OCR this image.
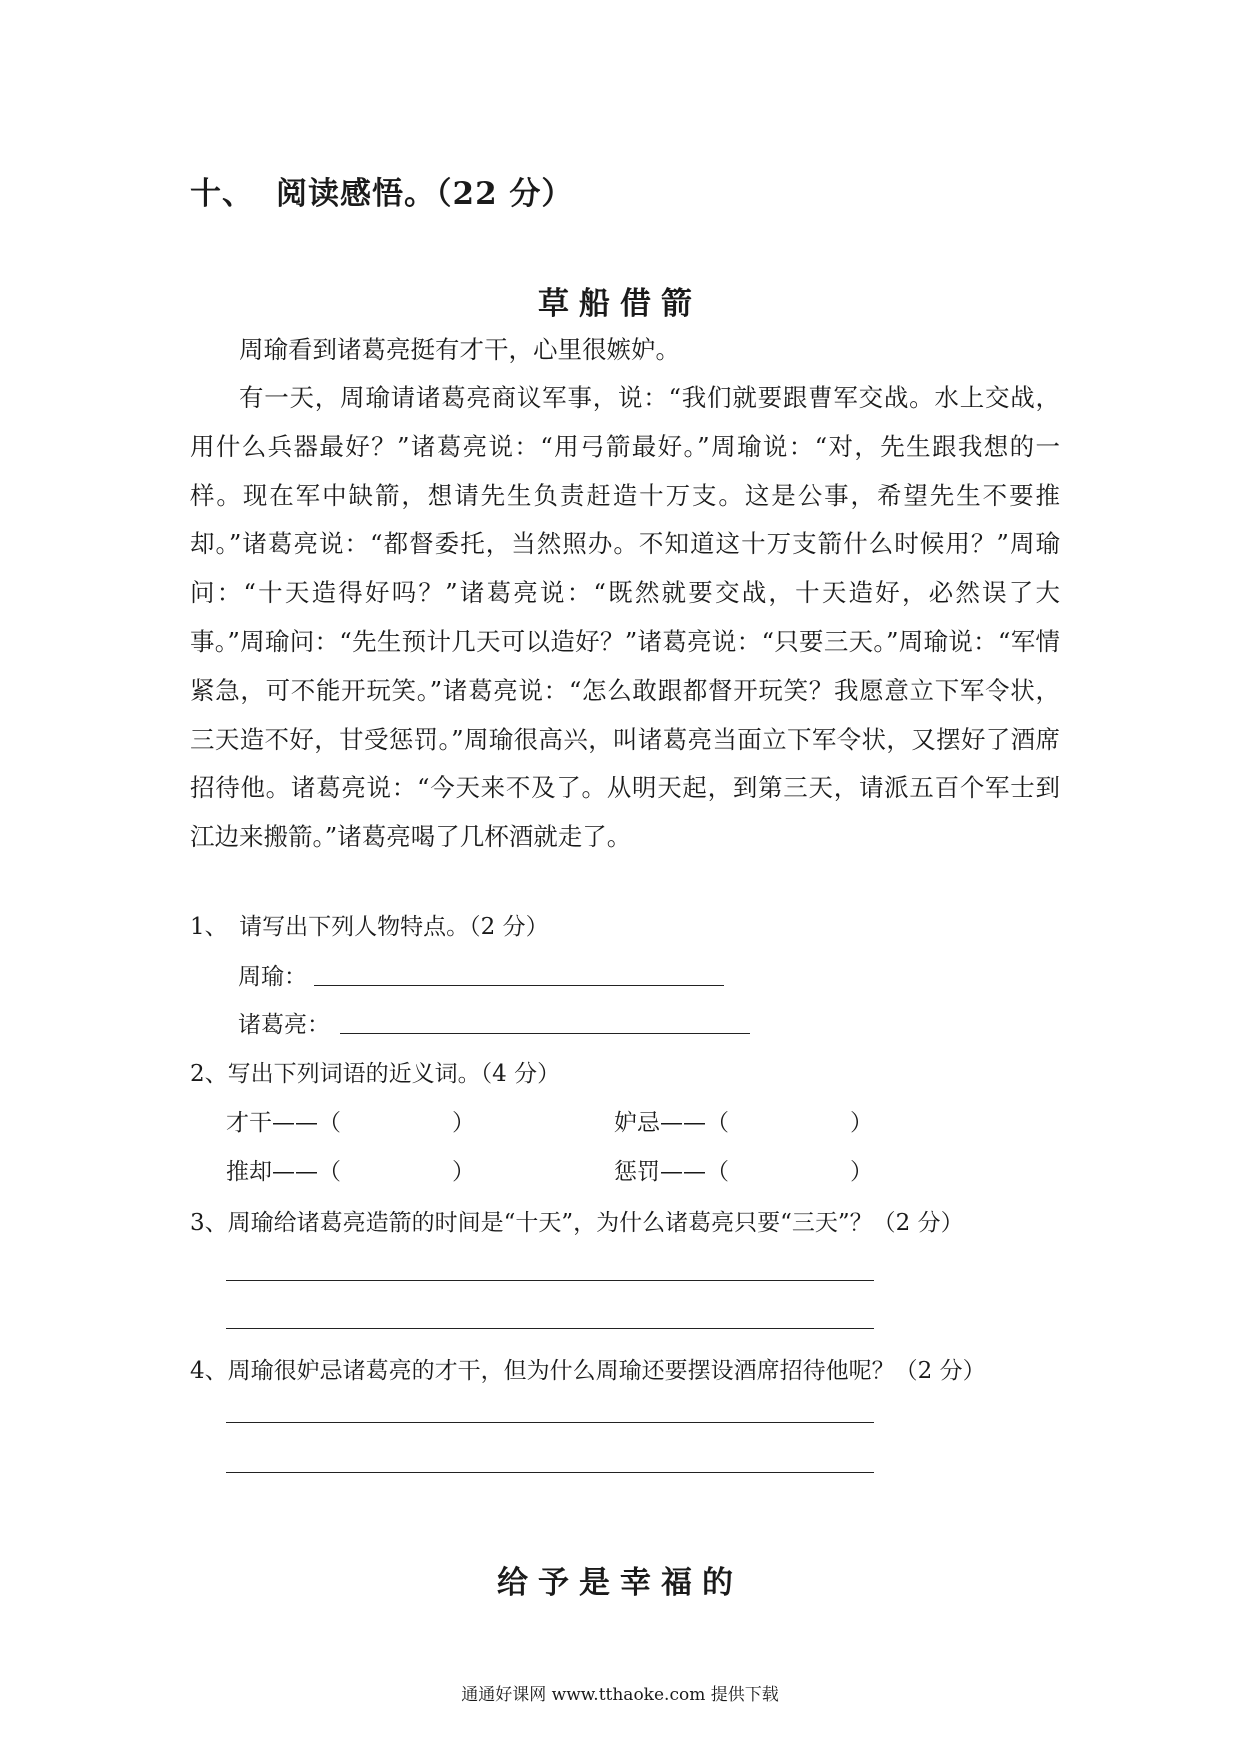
十、 阅读感悟。（22 分）
草船借箭

周瑜看到诸葛亮挺有才干，心里很嫉妒。

有一天，周瑜请诸葛亮商议军事，说：“我们就要跟曹军交战。水上交战，用什么兵器最好？”诸葛亮说：“用弓箭最好。”周瑜说：“对，先生跟我想的一样。现在军中缺箭，想请先生负责赶造十万支。这是公事，希望先生不要推却。”诸葛亮说：“都督委托，当然照办。不知道这十万支箭什么时候用？”周瑜问：“十天造得好吗？”诸葛亮说：“既然就要交战，十天造好，必然误了大事。”周瑜问：“先生预计几天可以造好？”诸葛亮说：“只要三天。”周瑜说：“军情紧急，可不能开玩笑。”诸葛亮说：“怎么敢跟都督开玩笑？我愿意立下军令状，三天造不好，甘受惩罚。”周瑜很高兴，叫诸葛亮当面立下军令状，又摆好了酒席招待他。诸葛亮说：“今天来不及了。从明天起，到第三天，请派五百个军士到江边来搬箭。”诸葛亮喝了几杯酒就走了。

1、　请写出下列人物特点。（2 分）
周瑜：
诸葛亮：
2、写出下列词语的近义词。（4 分）
才干——（	）	妒忌——（	）
推却——（	）	惩罚——（	）
3、周瑜给诸葛亮造箭的时间是“十天”，为什么诸葛亮只要“三天”？（2 分）
4、周瑜很妒忌诸葛亮的才干，但为什么周瑜还要摆设酒席招待他呢？（2 分）
给予是幸福的
通通好课网 www.tthaoke.com 提供下载
